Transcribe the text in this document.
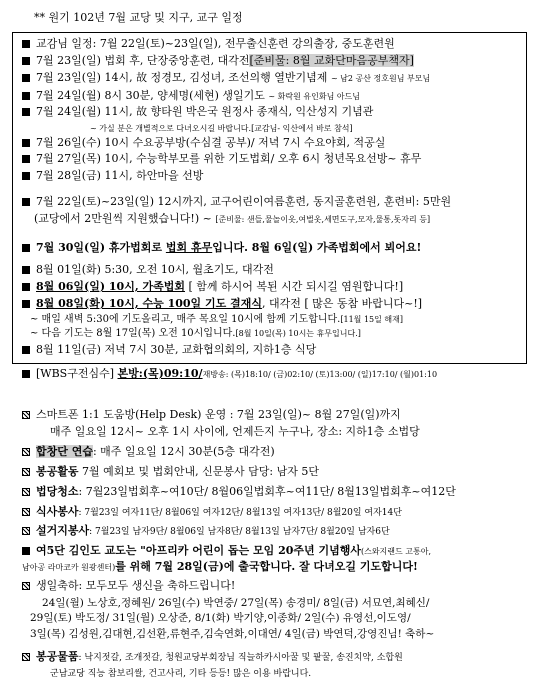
** 원기 102년 7월 교당 및 지구, 교구 일정
교감님 일정: 7월 22일(토)~23일(일), 전무출신훈련 강의출장, 중도훈련원
7월 23일(일) 법회 후, 단장중앙훈련, 대각전[준비물: 8월 교화단마음공부책자]
7월 23일(일) 14시, 故 정경모, 김성녀, 조선의행 열반기념제 ~ 남2 공산 정호원님 부모님
7월 24일(월) 8시 30분, 양세명(세현) 생일기도 ~ 화락원 유인화님 아드님
7월 24일(월) 11시, 故 향타원 박은국 원정사 종재식, 익산성지 기념관
~ 가실 분은 개별적으로 다녀오시길 바랍니다.[교감님- 익산에서 바로 참석]
7월 26일(수) 10시 수요공부방(수심결 공부)/ 저녁 7시 수요야회, 적공실
7월 27일(목) 10시, 수능학부모를 위한 기도법회/ 오후 6시 청년목요선방~ 휴무
7월 28일(금) 11시, 하안마을 선방
7월 22일(토)~23일(일) 12시까지, 교구어린이여름훈련, 동지골훈련원, 훈련비: 5만원
(교당에서 2만원씩 지원했습니다!) ~ [준비물: 샌들,물놀이옷,여벌옷,세면도구,모자,물통,돗자리 등]
7월 30일(일) 휴가법회로 법회 휴무입니다. 8월 6일(일) 가족법회에서 뵈어요!
8월 01일(화) 5:30, 오전 10시, 월초기도, 대각전
8월 06일(일) 10시, 가족법회 [ 함께 하시어 복된 시간 되시길 염원합니다!]
8월 08일(화) 10시, 수능 100일 기도 결재식, 대각전 [ 많은 동참 바랍니다~!]
~ 매일 새벽 5:30에 기도올리고, 매주 목요일 10시에 함께 기도합니다.[11월 15일 해재]
~ 다음 기도는 8월 17일(목) 오전 10시입니다.[8월 10일(목) 10시는 휴무입니다.]
8월 11일(금) 저녁 7시 30분, 교화협의회의, 지하1층 식당
[WBS구전심수] 본방:(목)09:10/재방송: (목)18:10/ (금)02:10/ (토)13:00/ (일)17:10/ (월)01:10
스마트폰 1:1 도움방(Help Desk) 운영 : 7월 23일(일)~ 8월 27일(일)까지
매주 일요일 12시~ 오후 1시 사이에, 언제든지 누구나, 장소: 지하1층 소법당
합창단 연습: 매주 일요일 12시 30분(5층 대각전)
봉공활동 7월 예회보 및 법회안내, 신문봉사 담당: 남자 5단
법당청소: 7월23일법회후~여10단/ 8월06일법회후~여11단/ 8월13일법회후~여12단
식사봉사: 7월23일 여자11단/ 8월06일 여자12단/ 8월13일 여자13단/ 8월20일 여자14단
설거지봉사: 7월23일 남자9단/ 8월06일 남자8단/ 8월13일 남자7단/ 8월20일 남자6단
여5단 김인도 교도는 "아프리카 어린이 돕는 모임 20주년 기념행사(스와지랜드 고통아,
남아공 라마코카 원광센터)를 위해 7월 28일(금)에 출국합니다. 잘 다녀오길 기도합니다!
생일축하: 모두모두 생신을 축하드립니다!
24일(월) 노상호,정혜원/ 26일(수) 박연중/ 27일(목) 송경미/ 8일(금) 서묘연,최혜신/
29일(토) 박도정/ 31일(월) 오상준, 8/1(화) 박기양,이종화/ 2일(수) 유영선,이도영/
3일(목) 김성원,김대현,김선환,류현주,김숙연화,이대연/ 4일(금) 박연덕,강영진님! 축하~
봉공물품: 낙지젓갈, 조개젓갈, 청원교당부회장님 직늘하카시아꿀 및 팥꿀, 송진치약, 소합원
군남교당 직능 참보리쌀, 건고사리, 기타 등등! 많은 이용 바랍니다.
